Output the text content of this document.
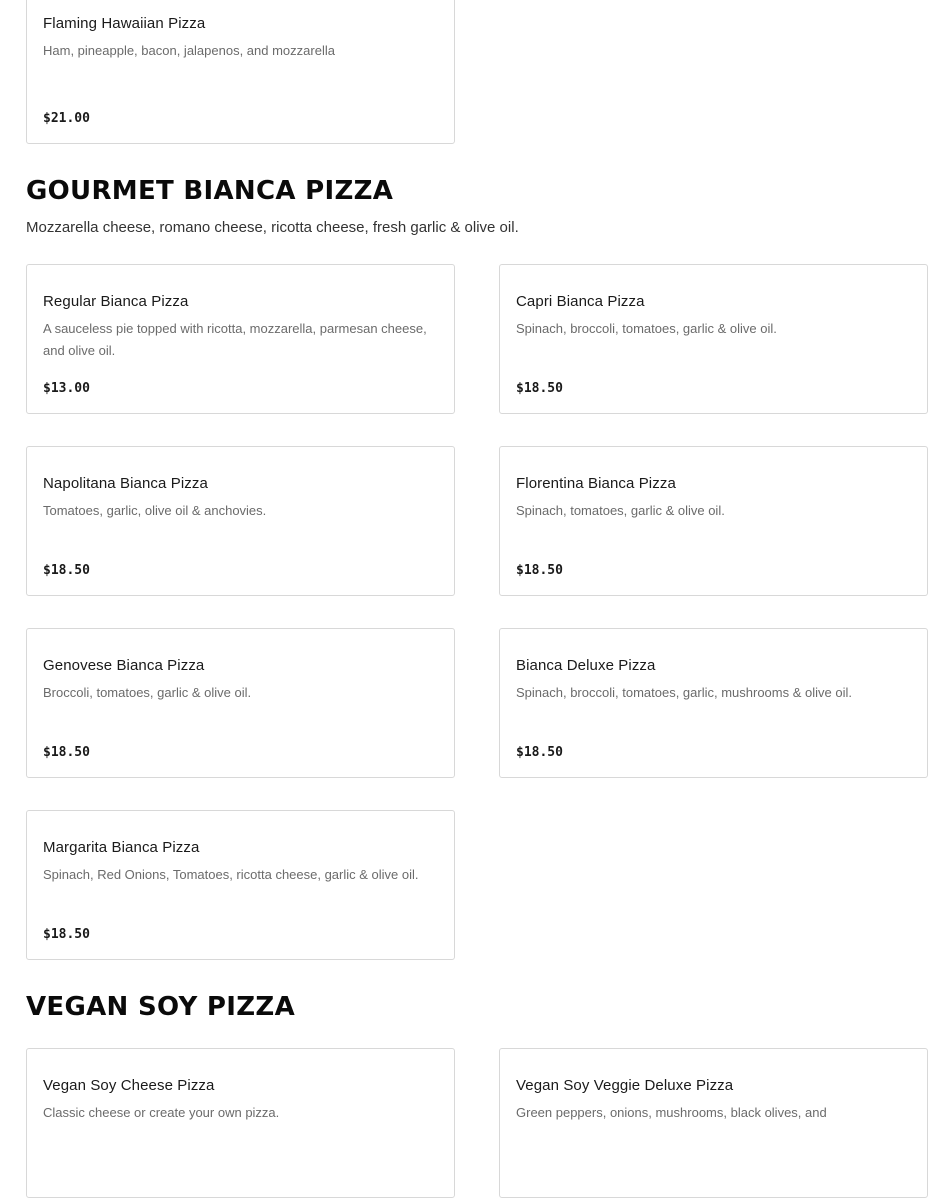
Flaming Hawaiian Pizza
Ham, pineapple, bacon, jalapenos, and mozzarella
$21.00
GOURMET BIANCA PIZZA

Mozzarella cheese, romano cheese, ricotta cheese, fresh garlic & olive oil.

Regular Bianca Pizza
A sauceless pie topped with ricotta, mozzarella, parmesan cheese, and olive oil.
$13.00
Capri Bianca Pizza
Spinach, broccoli, tomatoes, garlic & olive oil.
$18.50
Napolitana Bianca Pizza
Tomatoes, garlic, olive oil & anchovies.
$18.50
Florentina Bianca Pizza
Spinach, tomatoes, garlic & olive oil.
$18.50
Genovese Bianca Pizza
Broccoli, tomatoes, garlic & olive oil.
$18.50
Bianca Deluxe Pizza
Spinach, broccoli, tomatoes, garlic, mushrooms & olive oil.
$18.50
Margarita Bianca Pizza
Spinach, Red Onions, Tomatoes, ricotta cheese, garlic & olive oil.
$18.50
VEGAN SOY PIZZA
Vegan Soy Cheese Pizza
Classic cheese or create your own pizza.
Vegan Soy Veggie Deluxe Pizza
Green peppers, onions, mushrooms, black olives, and
